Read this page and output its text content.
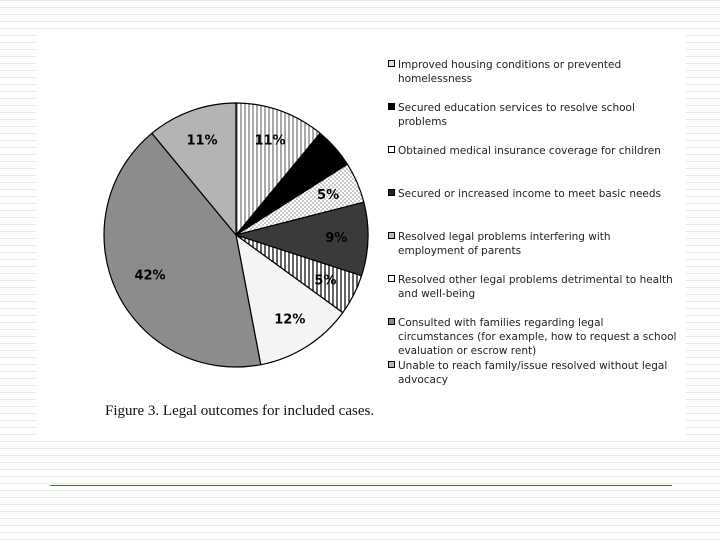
11%
5%
5%
9%
5%
12%
42%
11%
Improved housing conditions or prevented homelessness
Secured education services to resolve school problems
Obtained medical insurance coverage for children
Secured or increased income to meet basic needs
Resolved legal problems interfering with employment of parents
Resolved other legal problems detrimental to health and well-being
Consulted with families regarding legal circumstances (for example, how to request a school evaluation or escrow rent)
Unable to reach family/issue resolved without legal advocacy
Figure 3. Legal outcomes for included cases.
